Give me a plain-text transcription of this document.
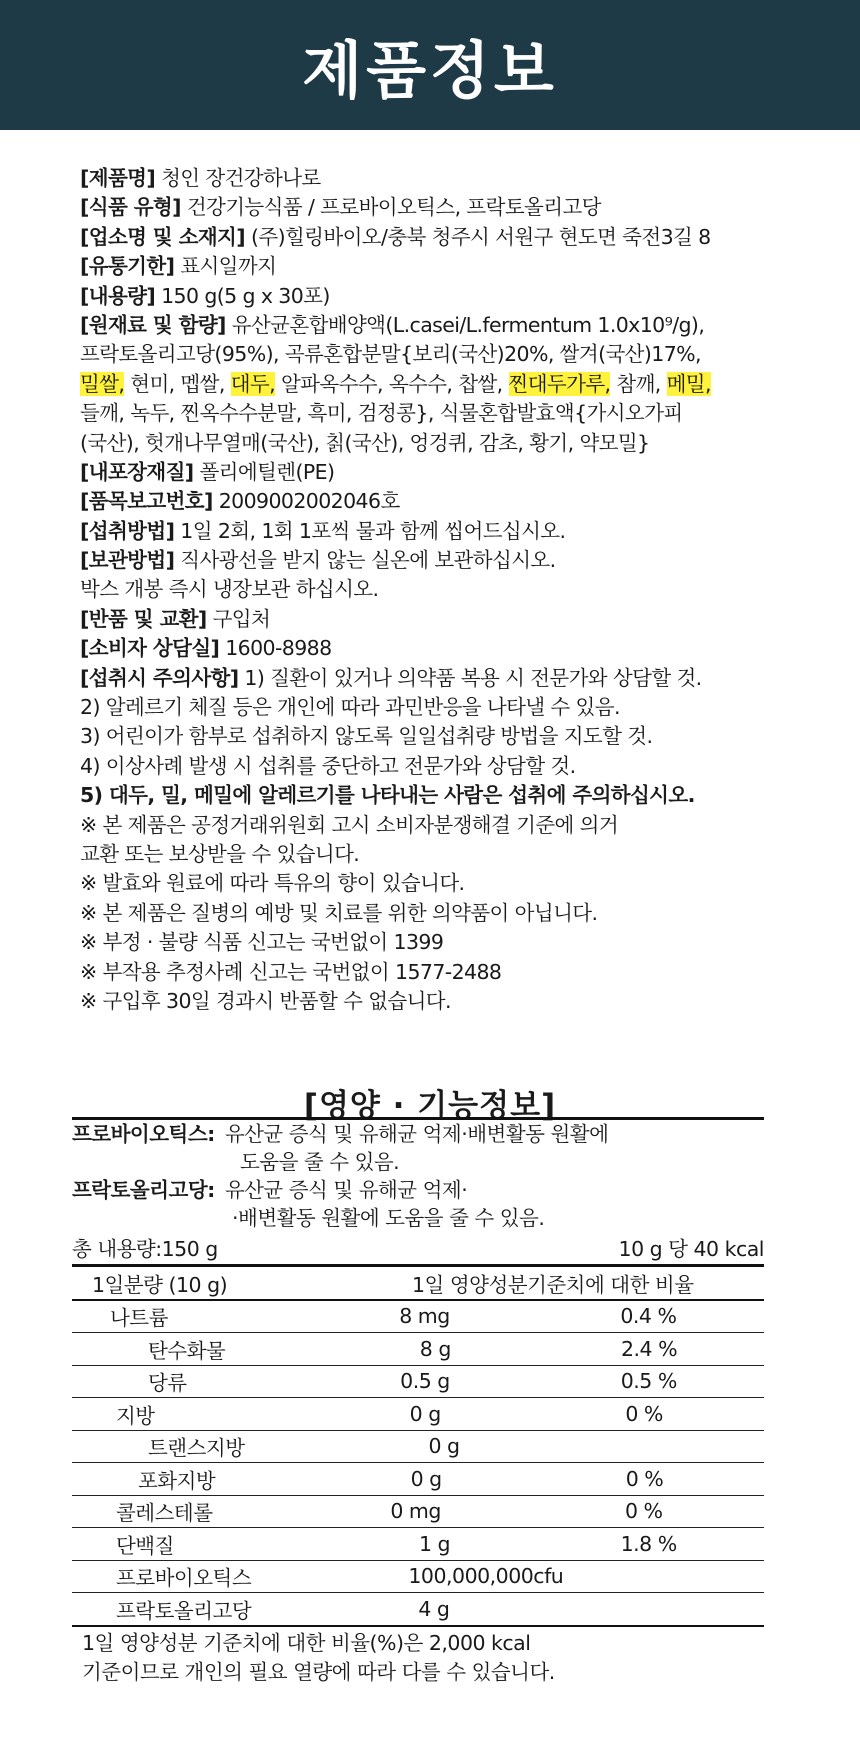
제품정보
[제품명] 청인 장건강하나로
[식품 유형] 건강기능식품 / 프로바이오틱스, 프락토올리고당
[업소명 및 소재지] (주)힐링바이오/충북 청주시 서원구 현도면 죽전3길 8
[유통기한] 표시일까지
[내용량] 150 g(5 g x 30포)
[원재료 및 함량] 유산균혼합배양액(L.casei/L.fermentum 1.0x10⁹/g),
프락토올리고당(95%), 곡류혼합분말{보리(국산)20%, 쌀겨(국산)17%,
밀쌀, 현미, 멥쌀, 대두, 알파옥수수, 옥수수, 찹쌀, 찐대두가루, 참깨, 메밀,
들깨, 녹두, 찐옥수수분말, 흑미, 검정콩}, 식물혼합발효액{가시오가피
(국산), 헛개나무열매(국산), 칡(국산), 엉겅퀴, 감초, 황기, 약모밀}
[내포장재질] 폴리에틸렌(PE)
[품목보고번호] 2009002002046호
[섭취방법] 1일 2회, 1회 1포씩 물과 함께 씹어드십시오.
[보관방법] 직사광선을 받지 않는 실온에 보관하십시오.
박스 개봉 즉시 냉장보관 하십시오.
[반품 및 교환] 구입처
[소비자 상담실] 1600-8988
[섭취시 주의사항] 1) 질환이 있거나 의약품 복용 시 전문가와 상담할 것.
2) 알레르기 체질 등은 개인에 따라 과민반응을 나타낼 수 있음.
3) 어린이가 함부로 섭취하지 않도록 일일섭취량 방법을 지도할 것.
4) 이상사례 발생 시 섭취를 중단하고 전문가와 상담할 것.
5) 대두, 밀, 메밀에 알레르기를 나타내는 사람은 섭취에 주의하십시오.
※ 본 제품은 공정거래위원회 고시 소비자분쟁해결 기준에 의거
교환 또는 보상받을 수 있습니다.
※ 발효와 원료에 따라 특유의 향이 있습니다.
※ 본 제품은 질병의 예방 및 치료를 위한 의약품이 아닙니다.
※ 부정 · 불량 식품 신고는 국번없이 1399
※ 부작용 추정사례 신고는 국번없이 1577-2488
※ 구입후 30일 경과시 반품할 수 없습니다.
[영양 · 기능정보]
프로바이오틱스: 유산균 증식 및 유해균 억제·배변활동 원활에
도움을 줄 수 있음.
프락토올리고당: 유산균 증식 및 유해균 억제·
·배변활동 원활에 도움을 줄 수 있음.
총 내용량:150 g	10 g 당 40 kcal
1일분량 (10 g)	1일 영양성분기준치에 대한 비율
나트륨	8 mg	0.4 %
탄수화물	8 g	2.4 %
당류	0.5 g	0.5 %
지방	0 g	0 %
트랜스지방	0 g
포화지방	0 g	0 %
콜레스테롤	0 mg	0 %
단백질	1 g	1.8 %
프로바이오틱스	100,000,000cfu
프락토올리고당	4 g
1일 영양성분 기준치에 대한 비율(%)은 2,000 kcal
기준이므로 개인의 필요 열량에 따라 다를 수 있습니다.
